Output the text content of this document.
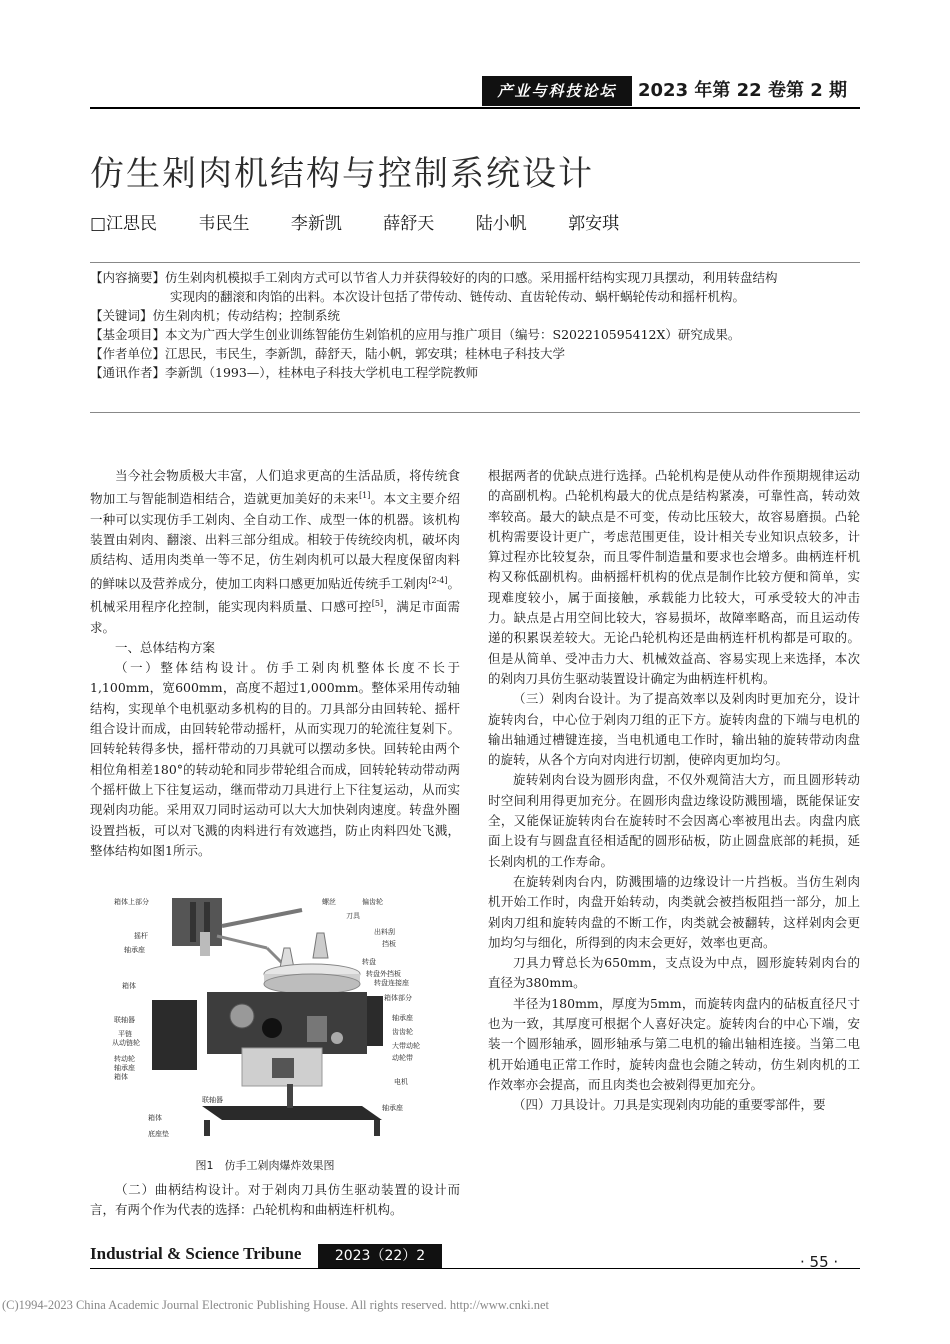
产业与科技论坛	2023 年第 22 卷第 2 期
仿生剁肉机结构与控制系统设计
□江思民 韦民生 李新凯 薛舒天 陆小帆 郭安琪

【内容摘要】仿生剁肉机模拟手工剁肉方式可以节省人力并获得较好的肉的口感。采用摇杆结构实现刀具摆动，利用转盘结构

实现肉的翻滚和肉馅的出料。本次设计包括了带传动、链传动、直齿轮传动、蜗杆蜗轮传动和摇杆机构。

【关键词】仿生剁肉机；传动结构；控制系统

【基金项目】本文为广西大学生创业训练智能仿生剁馅机的应用与推广项目（编号：S202210595412X）研究成果。

【作者单位】江思民，韦民生，李新凯，薛舒天，陆小帆，郭安琪；桂林电子科技大学

【通讯作者】李新凯（1993—），桂林电子科技大学机电工程学院教师

当今社会物质极大丰富，人们追求更高的生活品质，将传统食物加工与智能制造相结合，造就更加美好的未来[1]。本文主要介绍一种可以实现仿手工剁肉、全自动工作、成型一体的机器。该机构装置由剁肉、翻滚、出料三部分组成。相较于传统绞肉机，破坏肉质结构、适用肉类单一等不足，仿生剁肉机可以最大程度保留肉料的鲜味以及营养成分，使加工肉料口感更加贴近传统手工剁肉[2-4]。机械采用程序化控制，能实现肉料质量、口感可控[5]，满足市面需求。

一、总体结构方案

（一）整体结构设计。仿手工剁肉机整体长度不长于1,100mm，宽600mm，高度不超过1,000mm。整体采用传动轴结构，实现单个电机驱动多机构的目的。刀具部分由回转轮、摇杆组合设计而成，由回转轮带动摇杆，从而实现刀的轮流往复剁下。回转轮转得多快，摇杆带动的刀具就可以摆动多快。回转轮由两个相位角相差180°的转动轮和同步带轮组合而成，回转轮转动带动两个摇杆做上下往复运动，继而带动刀具进行上下往复运动，从而实现剁肉功能。采用双刀同时运动可以大大加快剁肉速度。转盘外圈设置挡板，可以对飞溅的肉料进行有效遮挡，防止肉料四处飞溅，整体结构如图1所示。

箱体上部分
摇杆
轴承座
箱体
联轴器
平链
从动链轮
转动轮
轴承座
箱体
联轴器
箱体
底座垫
螺丝	偏齿轮
刀具
出料刮
挡板
转盘
转盘外挡板
转盘连接座
箱体部分
轴承座
齿齿轮
大带动轮
动轮带
电机
轴承座
图1　仿手工剁肉爆炸效果图

（二）曲柄结构设计。对于剁肉刀具仿生驱动装置的设计而言，有两个作为代表的选择：凸轮机构和曲柄连杆机构。

根据两者的优缺点进行选择。凸轮机构是使从动件作预期规律运动的高副机构。凸轮机构最大的优点是结构紧凑，可靠性高，转动效率较高。最大的缺点是不可变，传动比压较大，故容易磨损。凸轮机构需要设计更广，考虑范围更佳，设计相关专业知识点较多，计算过程亦比较复杂，而且零件制造量和要求也会增多。曲柄连杆机构又称低副机构。曲柄摇杆机构的优点是制作比较方便和简单，实现难度较小，属于面接触，承载能力比较大，可承受较大的冲击力。缺点是占用空间比较大，容易损坏，故障率略高，而且运动传递的积累误差较大。无论凸轮机构还是曲柄连杆机构都是可取的。但是从简单、受冲击力大、机械效益高、容易实现上来选择，本次的剁肉刀具仿生驱动装置设计确定为曲柄连杆机构。

（三）剁肉台设计。为了提高效率以及剁肉时更加充分，设计旋转肉台，中心位于剁肉刀组的正下方。旋转肉盘的下端与电机的输出轴通过槽键连接，当电机通电工作时，输出轴的旋转带动肉盘的旋转，从各个方向对肉进行切割，使碎肉更加均匀。

旋转剁肉台设为圆形肉盘，不仅外观简洁大方，而且圆形转动时空间利用得更加充分。在圆形肉盘边缘设防溅围墙，既能保证安全，又能保证旋转肉台在旋转时不会因离心率被甩出去。肉盘内底面上设有与圆盘直径相适配的圆形砧板，防止圆盘底部的耗损，延长剁肉机的工作寿命。

在旋转剁肉台内，防溅围墙的边缘设计一片挡板。当仿生剁肉机开始工作时，肉盘开始转动，肉类就会被挡板阻挡一部分，加上剁肉刀组和旋转肉盘的不断工作，肉类就会被翻转，这样剁肉会更加均匀与细化，所得到的肉末会更好，效率也更高。

刀具力臂总长为650mm，支点设为中点，圆形旋转剁肉台的直径为380mm。

半径为180mm，厚度为5mm，而旋转肉盘内的砧板直径尺寸也为一致，其厚度可根据个人喜好决定。旋转肉台的中心下端，安装一个圆形轴承，圆形轴承与第二电机的输出轴相连接。当第二电机开始通电正常工作时，旋转肉盘也会随之转动，仿生剁肉机的工作效率亦会提高，而且肉类也会被剁得更加充分。

（四）刀具设计。刀具是实现剁肉功能的重要零部件，要

Industrial & Science Tribune	2023（22）2	· 55 ·
(C)1994-2023 China Academic Journal Electronic Publishing House. All rights reserved. http://www.cnki.net
